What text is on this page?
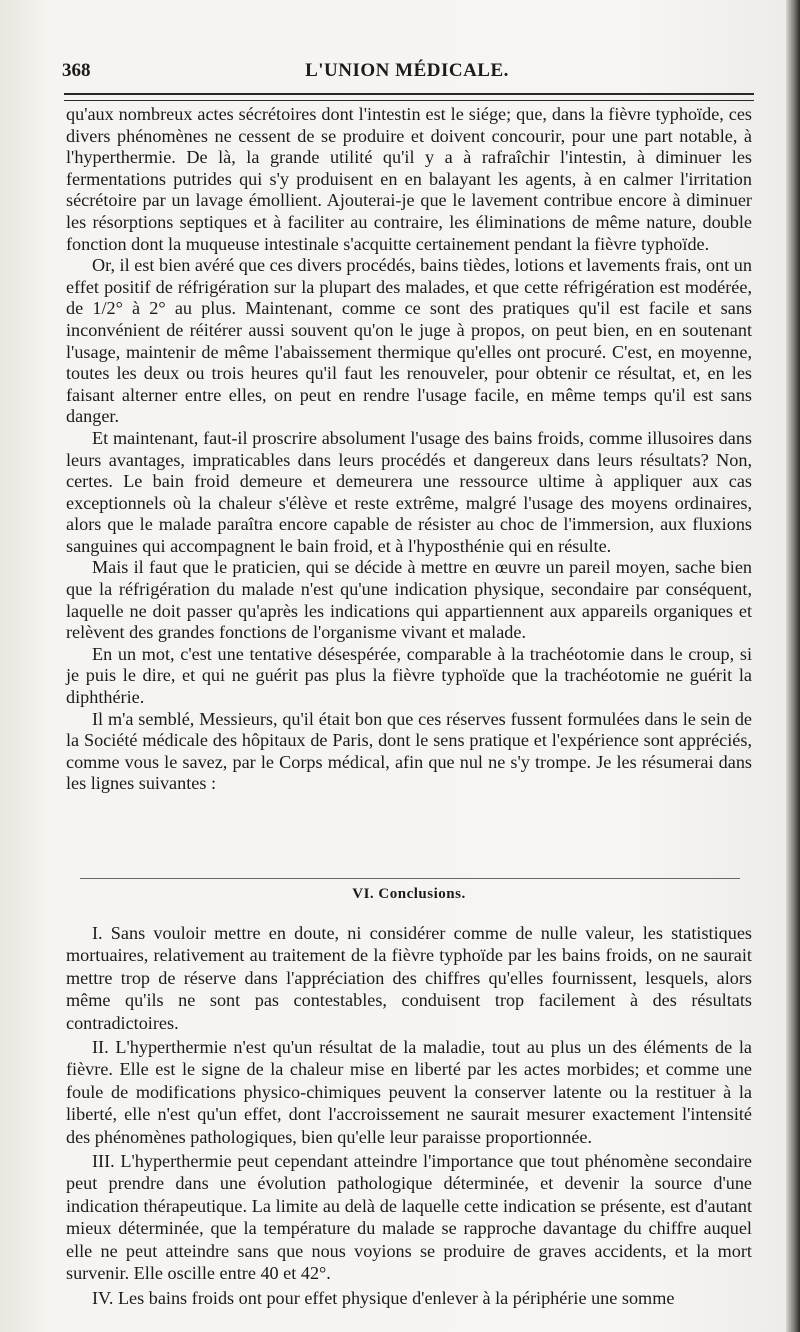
368	L'UNION MÉDICALE.

qu'aux nombreux actes sécrétoires dont l'intestin est le siége; que, dans la fièvre typhoïde, ces divers phénomènes ne cessent de se produire et doivent concourir, pour une part notable, à l'hyperthermie. De là, la grande utilité qu'il y a à rafraîchir l'intestin, à diminuer les fermentations putrides qui s'y produisent en en balayant les agents, à en calmer l'irritation sécrétoire par un lavage émollient. Ajouterai-je que le lavement contribue encore à diminuer les résorptions septiques et à faciliter au contraire, les éliminations de même nature, double fonction dont la muqueuse intestinale s'acquitte certainement pendant la fièvre typhoïde.

Or, il est bien avéré que ces divers procédés, bains tièdes, lotions et lavements frais, ont un effet positif de réfrigération sur la plupart des malades, et que cette réfrigération est modérée, de 1/2° à 2° au plus. Maintenant, comme ce sont des pratiques qu'il est facile et sans inconvénient de réitérer aussi souvent qu'on le juge à propos, on peut bien, en en soutenant l'usage, maintenir de même l'abaissement thermique qu'elles ont procuré. C'est, en moyenne, toutes les deux ou trois heures qu'il faut les renouveler, pour obtenir ce résultat, et, en les faisant alterner entre elles, on peut en rendre l'usage facile, en même temps qu'il est sans danger.

Et maintenant, faut-il proscrire absolument l'usage des bains froids, comme illusoires dans leurs avantages, impraticables dans leurs procédés et dangereux dans leurs résultats? Non, certes. Le bain froid demeure et demeurera une ressource ultime à appliquer aux cas exceptionnels où la chaleur s'élève et reste extrême, malgré l'usage des moyens ordinaires, alors que le malade paraîtra encore capable de résister au choc de l'immersion, aux fluxions sanguines qui accompagnent le bain froid, et à l'hyposthénie qui en résulte.

Mais il faut que le praticien, qui se décide à mettre en œuvre un pareil moyen, sache bien que la réfrigération du malade n'est qu'une indication physique, secondaire par conséquent, laquelle ne doit passer qu'après les indications qui appartiennent aux appareils organiques et relèvent des grandes fonctions de l'organisme vivant et malade.

En un mot, c'est une tentative désespérée, comparable à la trachéotomie dans le croup, si je puis le dire, et qui ne guérit pas plus la fièvre typhoïde que la trachéotomie ne guérit la diphthérie.

Il m'a semblé, Messieurs, qu'il était bon que ces réserves fussent formulées dans le sein de la Société médicale des hôpitaux de Paris, dont le sens pratique et l'expérience sont appréciés, comme vous le savez, par le Corps médical, afin que nul ne s'y trompe. Je les résumerai dans les lignes suivantes :

VI. Conclusions.

I. Sans vouloir mettre en doute, ni considérer comme de nulle valeur, les statistiques mortuaires, relativement au traitement de la fièvre typhoïde par les bains froids, on ne saurait mettre trop de réserve dans l'appréciation des chiffres qu'elles fournissent, lesquels, alors même qu'ils ne sont pas contestables, conduisent trop facilement à des résultats contradictoires.

II. L'hyperthermie n'est qu'un résultat de la maladie, tout au plus un des éléments de la fièvre. Elle est le signe de la chaleur mise en liberté par les actes morbides; et comme une foule de modifications physico-chimiques peuvent la conserver latente ou la restituer à la liberté, elle n'est qu'un effet, dont l'accroissement ne saurait mesurer exactement l'intensité des phénomènes pathologiques, bien qu'elle leur paraisse proportionnée.

III. L'hyperthermie peut cependant atteindre l'importance que tout phénomène secondaire peut prendre dans une évolution pathologique déterminée, et devenir la source d'une indication thérapeutique. La limite au delà de laquelle cette indication se présente, est d'autant mieux déterminée, que la température du malade se rapproche davantage du chiffre auquel elle ne peut atteindre sans que nous voyions se produire de graves accidents, et la mort survenir. Elle oscille entre 40 et 42°.

IV. Les bains froids ont pour effet physique d'enlever à la périphérie une somme
